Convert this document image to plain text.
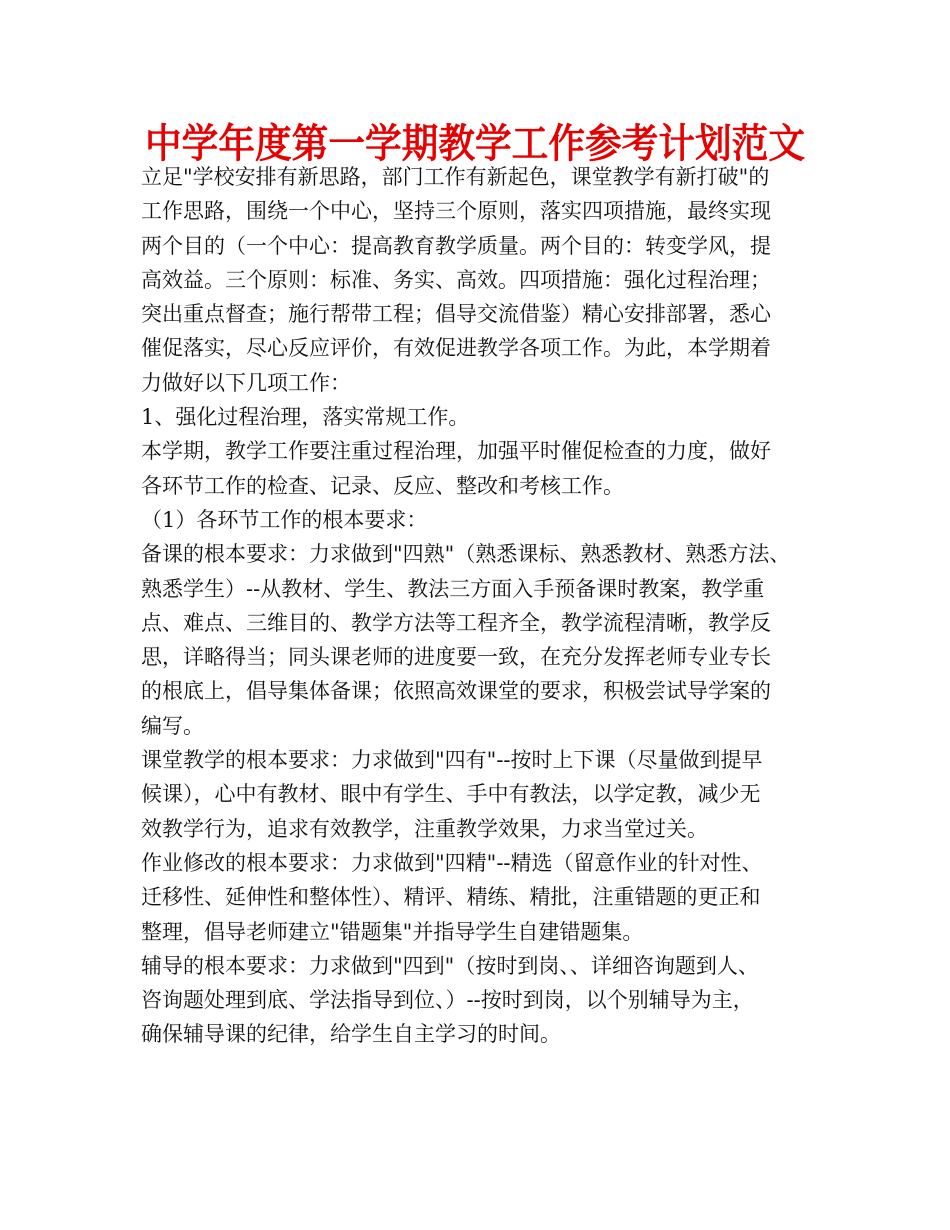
中学年度第一学期教学工作参考计划范文
立足"学校安排有新思路，部门工作有新起色，课堂教学有新打破"的
工作思路，围绕一个中心，坚持三个原则，落实四项措施，最终实现
两个目的（一个中心：提高教育教学质量。两个目的：转变学风，提
高效益。三个原则：标准、务实、高效。四项措施：强化过程治理；
突出重点督查；施行帮带工程；倡导交流借鉴）精心安排部署，悉心
催促落实，尽心反应评价，有效促进教学各项工作。为此，本学期着
力做好以下几项工作：
1、强化过程治理，落实常规工作。
本学期，教学工作要注重过程治理，加强平时催促检查的力度，做好
各环节工作的检查、记录、反应、整改和考核工作。
（1）各环节工作的根本要求：
备课的根本要求：力求做到"四熟"（熟悉课标、熟悉教材、熟悉方法、
熟悉学生）--从教材、学生、教法三方面入手预备课时教案，教学重
点、难点、三维目的、教学方法等工程齐全，教学流程清晰，教学反
思，详略得当；同头课老师的进度要一致，在充分发挥老师专业专长
的根底上，倡导集体备课；依照高效课堂的要求，积极尝试导学案的
编写。
课堂教学的根本要求：力求做到"四有"--按时上下课（尽量做到提早
候课），心中有教材、眼中有学生、手中有教法，以学定教，减少无
效教学行为，追求有效教学，注重教学效果，力求当堂过关。
作业修改的根本要求：力求做到"四精"--精选（留意作业的针对性、
迁移性、延伸性和整体性）、精评、精练、精批，注重错题的更正和
整理，倡导老师建立"错题集"并指导学生自建错题集。
辅导的根本要求：力求做到"四到"（按时到岗、、详细咨询题到人、
咨询题处理到底、学法指导到位、）--按时到岗，以个别辅导为主，
确保辅导课的纪律，给学生自主学习的时间。
